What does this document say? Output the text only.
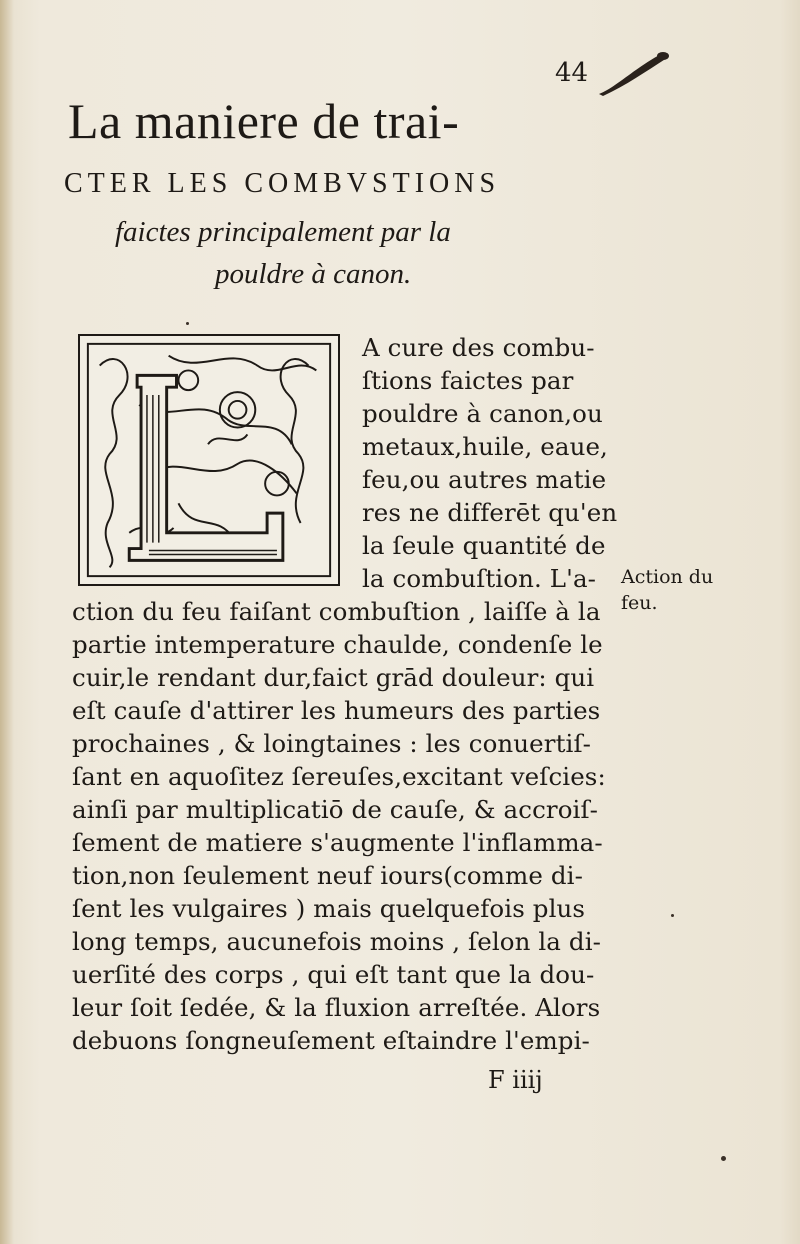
44
La maniere de trai-
CTER LES COMBVSTIONS
faictes principalement par la
pouldre à canon.
A cure des combu-
ſtions faictes par
pouldre à canon,ou
metaux,huile, eaue,
feu,ou autres matie
res ne differēt qu'en
la ſeule quantité de
la combuſtion. L'a-
ction du feu faiſant combuſtion , laiſſe à la
partie intemperature chaulde, condenſe le
cuir,le rendant dur,faict grād douleur: qui
eſt cauſe d'attirer les humeurs des parties
prochaines , & loingtaines : les conuertiſ-
ſant en aquoſitez ſereuſes,excitant veſcies:
ainſi par multiplicatiō de cauſe, & accroiſ-
ſement de matiere s'augmente l'inflamma-
tion,non ſeulement neuf iours(comme di-
ſent les vulgaires ) mais quelquefois plus
long temps, aucunefois moins , ſelon la di-
uerſité des corps , qui eſt tant que la dou-
leur ſoit ſedée, & la fluxion arreſtée. Alors
debuons ſongneuſement eſtaindre l'empi-
Action du
feu.
F iiij
